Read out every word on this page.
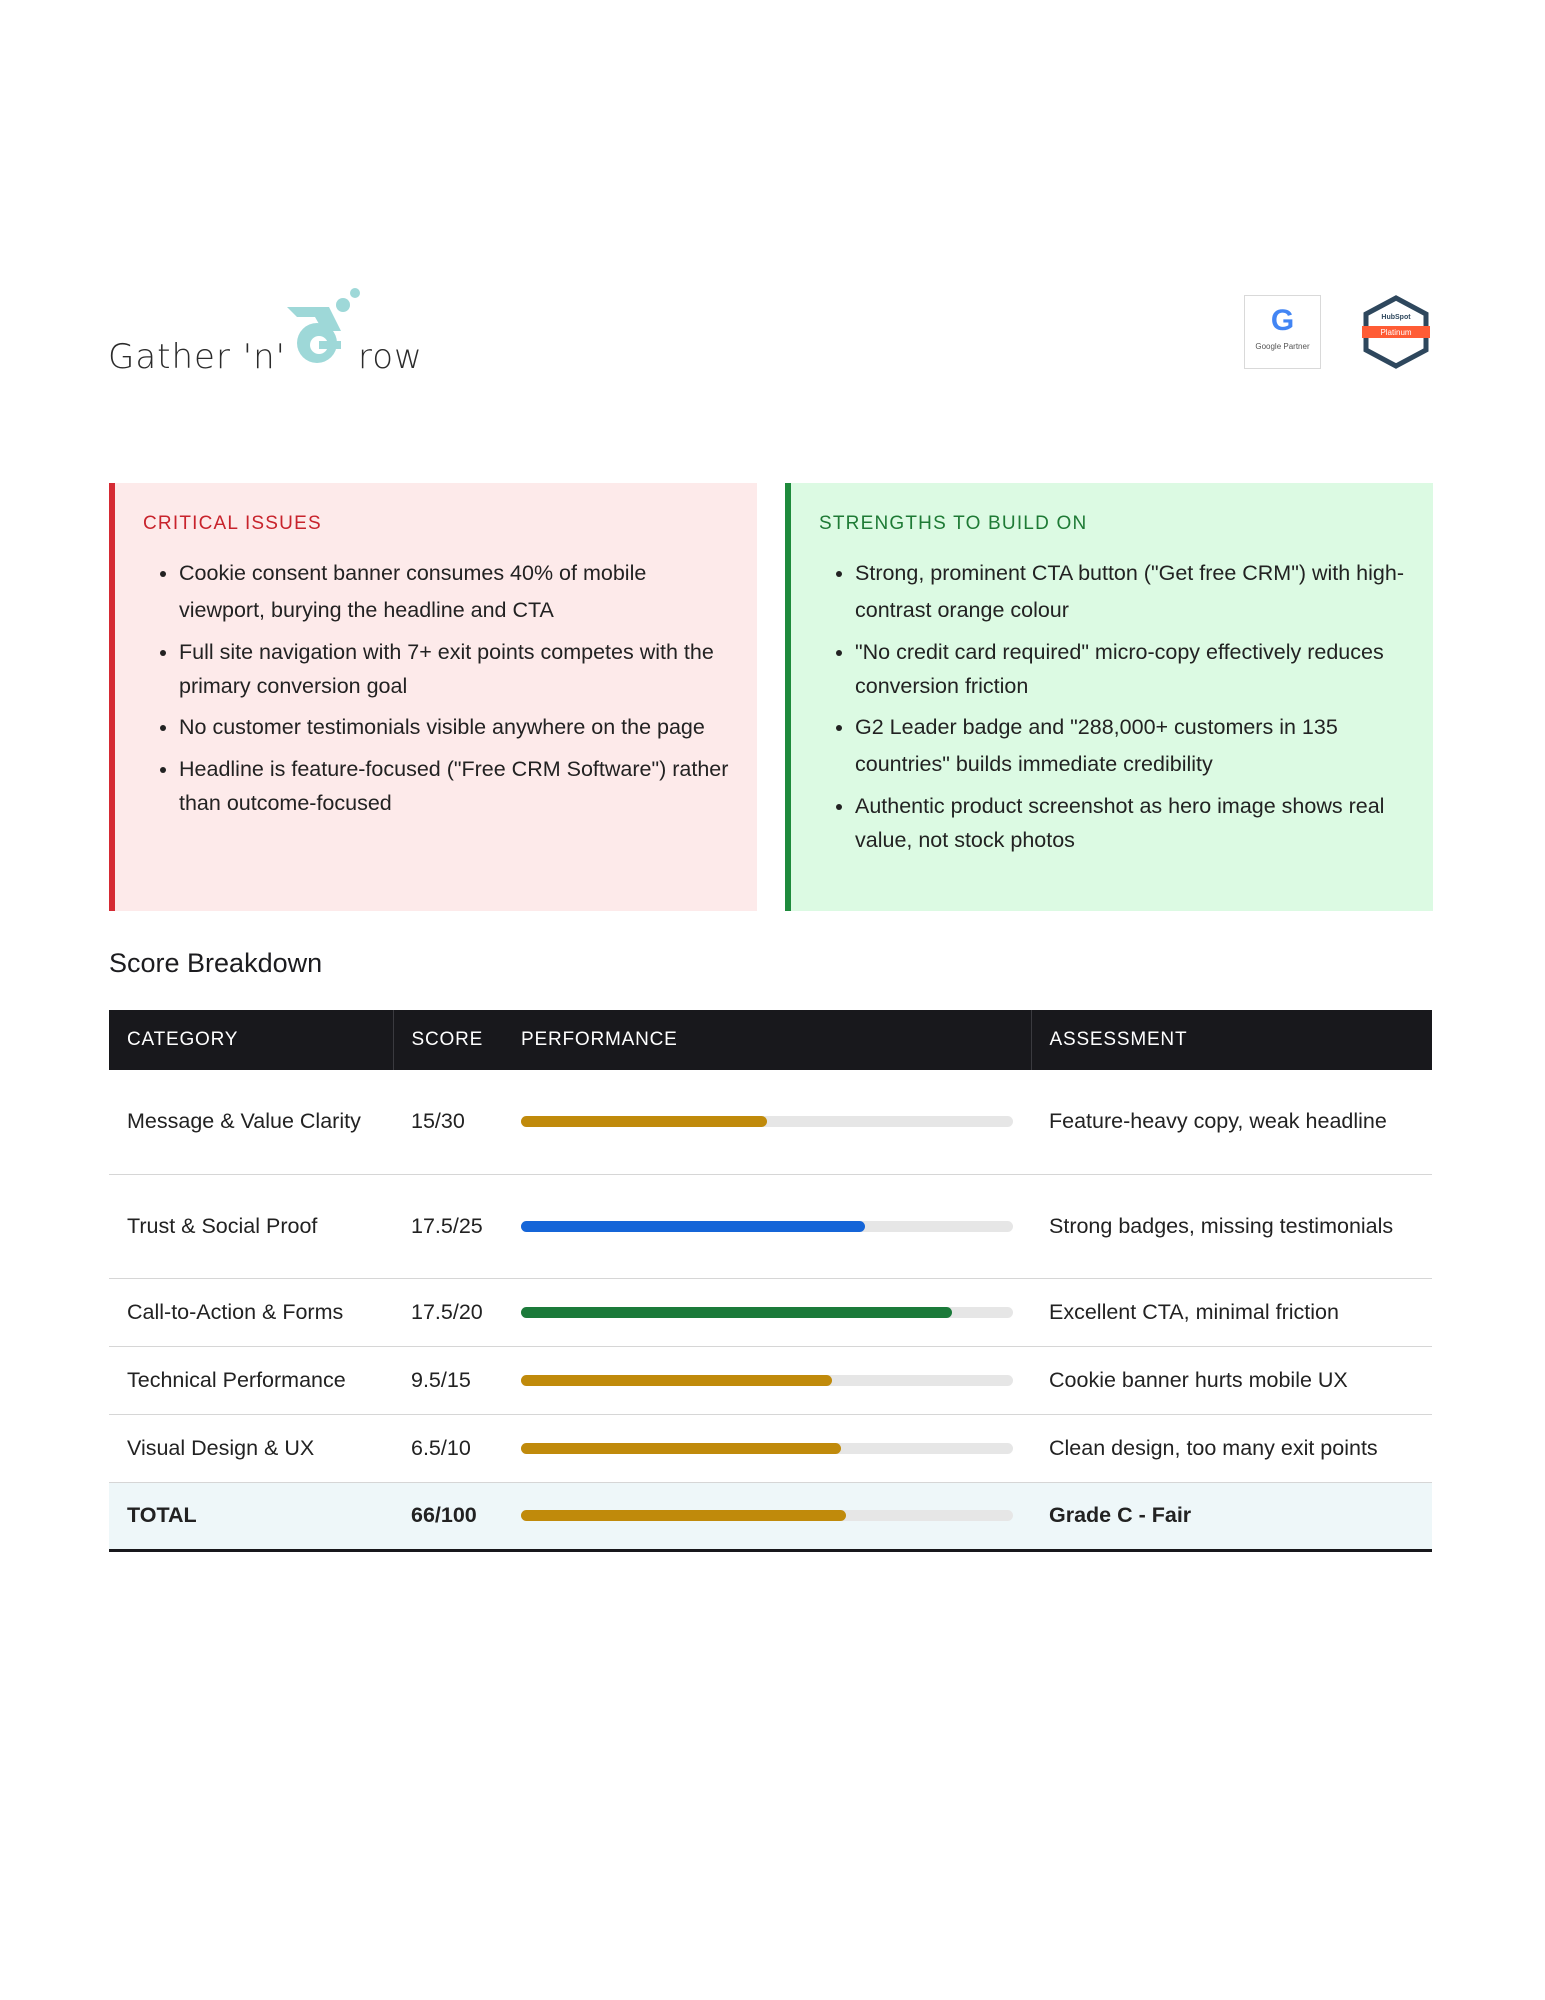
Gather 'n' row
G
Google Partner
HubSpot
Platinum
CRITICAL ISSUES
• Cookie consent banner consumes 40% of mobile viewport, burying the headline and CTA
• Full site navigation with 7+ exit points competes with the primary conversion goal
• No customer testimonials visible anywhere on the page
• Headline is feature-focused ("Free CRM Software") rather than outcome-focused
STRENGTHS TO BUILD ON
• Strong, prominent CTA button ("Get free CRM") with high-contrast orange colour
• "No credit card required" micro-copy effectively reduces conversion friction
• G2 Leader badge and "288,000+ customers in 135 countries" builds immediate credibility
• Authentic product screenshot as hero image shows real value, not stock photos
Score Breakdown
CATEGORY	SCORE	PERFORMANCE	ASSESSMENT
Message & Value Clarity	15/30		Feature-heavy copy, weak headline
Trust & Social Proof	17.5/25		Strong badges, missing testimonials
Call-to-Action & Forms	17.5/20		Excellent CTA, minimal friction
Technical Performance	9.5/15		Cookie banner hurts mobile UX
Visual Design & UX	6.5/10		Clean design, too many exit points
TOTAL	66/100		Grade C - Fair
